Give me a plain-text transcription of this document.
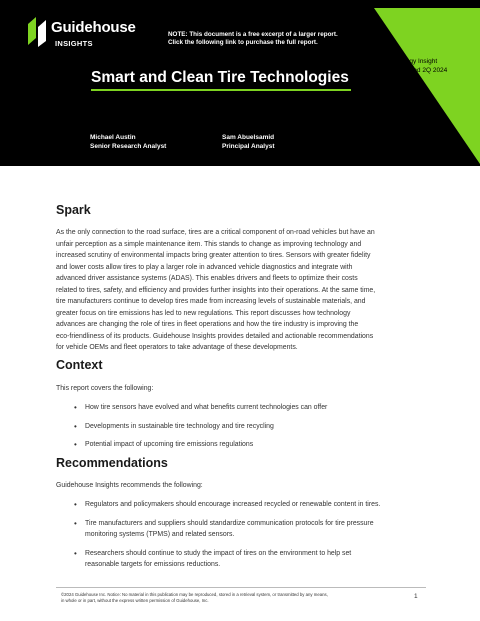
Guidehouse
INSIGHTS
NOTE: This document is a free excerpt of a larger report.
Click the following link to purchase the full report.
Smart and Clean Tire Technologies
Strategy Insight
Published 2Q 2024
Michael Austin
Senior Research Analyst
Sam Abuelsamid
Principal Analyst
Spark
As the only connection to the road surface, tires are a critical component of on-road vehicles but have an
unfair perception as a simple maintenance item. This stands to change as improving technology and
increased scrutiny of environmental impacts bring greater attention to tires. Sensors with greater fidelity
and lower costs allow tires to play a larger role in advanced vehicle diagnostics and integrate with
advanced driver assistance systems (ADAS). This enables drivers and fleets to optimize their costs
related to tires, safety, and efficiency and provides further insights into their operations. At the same time,
tire manufacturers continue to develop tires made from increasing levels of sustainable materials, and
greater focus on tire emissions has led to new regulations. This report discusses how technology
advances are changing the role of tires in fleet operations and how the tire industry is improving the
eco-friendliness of its products. Guidehouse Insights provides detailed and actionable recommendations
for vehicle OEMs and fleet operators to take advantage of these developments.
Context
This report covers the following:
• How tire sensors have evolved and what benefits current technologies can offer
• Developments in sustainable tire technology and tire recycling
• Potential impact of upcoming tire emissions regulations
Recommendations
Guidehouse Insights recommends the following:
• Regulators and policymakers should encourage increased recycled or renewable content in tires.
• Tire manufacturers and suppliers should standardize communication protocols for tire pressure
monitoring systems (TPMS) and related sensors.
• Researchers should continue to study the impact of tires on the environment to help set
reasonable targets for emissions reductions.
©2024 Guidehouse Inc. Notice: No material in this publication may be reproduced, stored in a retrieval system, or transmitted by any means,
in whole or in part, without the express written permission of Guidehouse, Inc.
1
